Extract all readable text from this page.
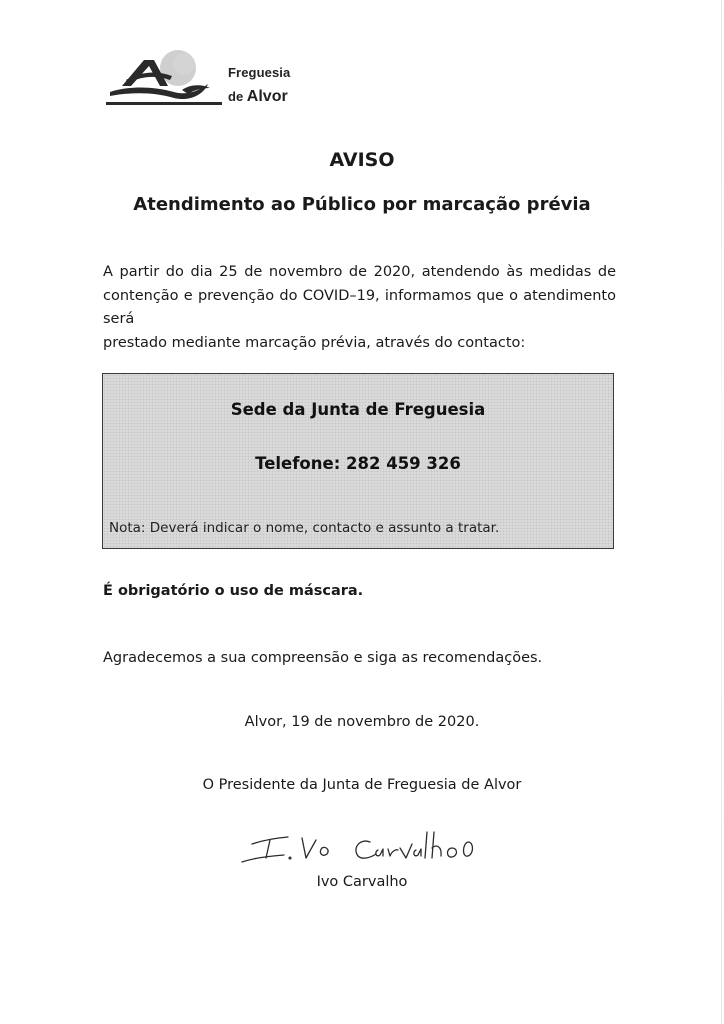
Freguesia
de Alvor
AVISO
Atendimento ao Público por marcação prévia
A partir do dia 25 de novembro de 2020, atendendo às medidas de
contenção e prevenção do COVID–19, informamos que o atendimento será
prestado mediante marcação prévia, através do contacto:
Sede da Junta de Freguesia
Telefone: 282 459 326
Nota: Deverá indicar o nome, contacto e assunto a tratar.
É obrigatório o uso de máscara.
Agradecemos a sua compreensão e siga as recomendações.
Alvor, 19 de novembro de 2020.
O Presidente da Junta de Freguesia de Alvor
Ivo Carvalho
